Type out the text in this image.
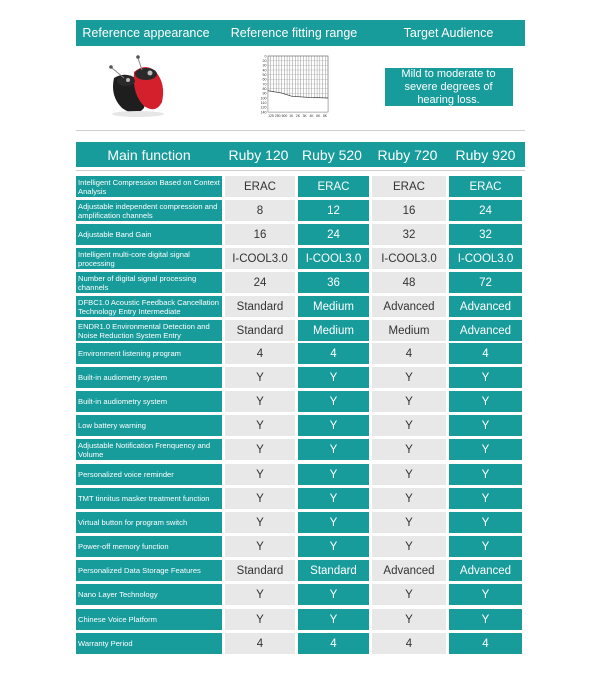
Reference appearance	Reference fitting range	Target Audience
0
20
30
40
50
60
70
80
90
100
110
120
140
125 250 500 1K 2K 3K 4K 6K 8K
Mild to moderate to severe degrees of hearing loss.
Main function	Ruby 120 Ruby 520	Ruby 720	Ruby 920
Intelligent Compression Based on Context Analysis	ERAC	ERAC	ERAC	ERAC
Adjustable independent compression and amplification channels	8	12	16	24
Adjustable Band Gain	16	24	32	32
Intelligent multi-core digital signal processing	I-COOL3.0	I-COOL3.0	I-COOL3.0	I-COOL3.0
Number of digital signal processing channels	24	36	48	72
DFBC1.0 Acoustic Feedback Cancellation Technology Entry Intermediate	Standard	Medium	Advanced	Advanced
ENDR1.0 Environmental Detection and Noise Reduction System Entry	Standard	Medium	Medium	Advanced
Environment listening program	4	4	4	4
Built-in audiometry system	Y	Y	Y	Y
Built-in audiometry system	Y	Y	Y	Y
Low battery warning	Y	Y	Y	Y
Adjustable Notification Frenquency and Volume	Y	Y	Y	Y
Personalized voice reminder	Y	Y	Y	Y
TMT tinnitus masker treatment function	Y	Y	Y	Y
Virtual button for program switch	Y	Y	Y	Y
Power-off memory function	Y	Y	Y	Y
Personalized Data Storage Features	Standard	Standard	Advanced	Advanced
Nano Layer Technology	Y	Y	Y	Y
Chinese Voice Platform	Y	Y	Y	Y
Warranty Period	4	4	4	4
